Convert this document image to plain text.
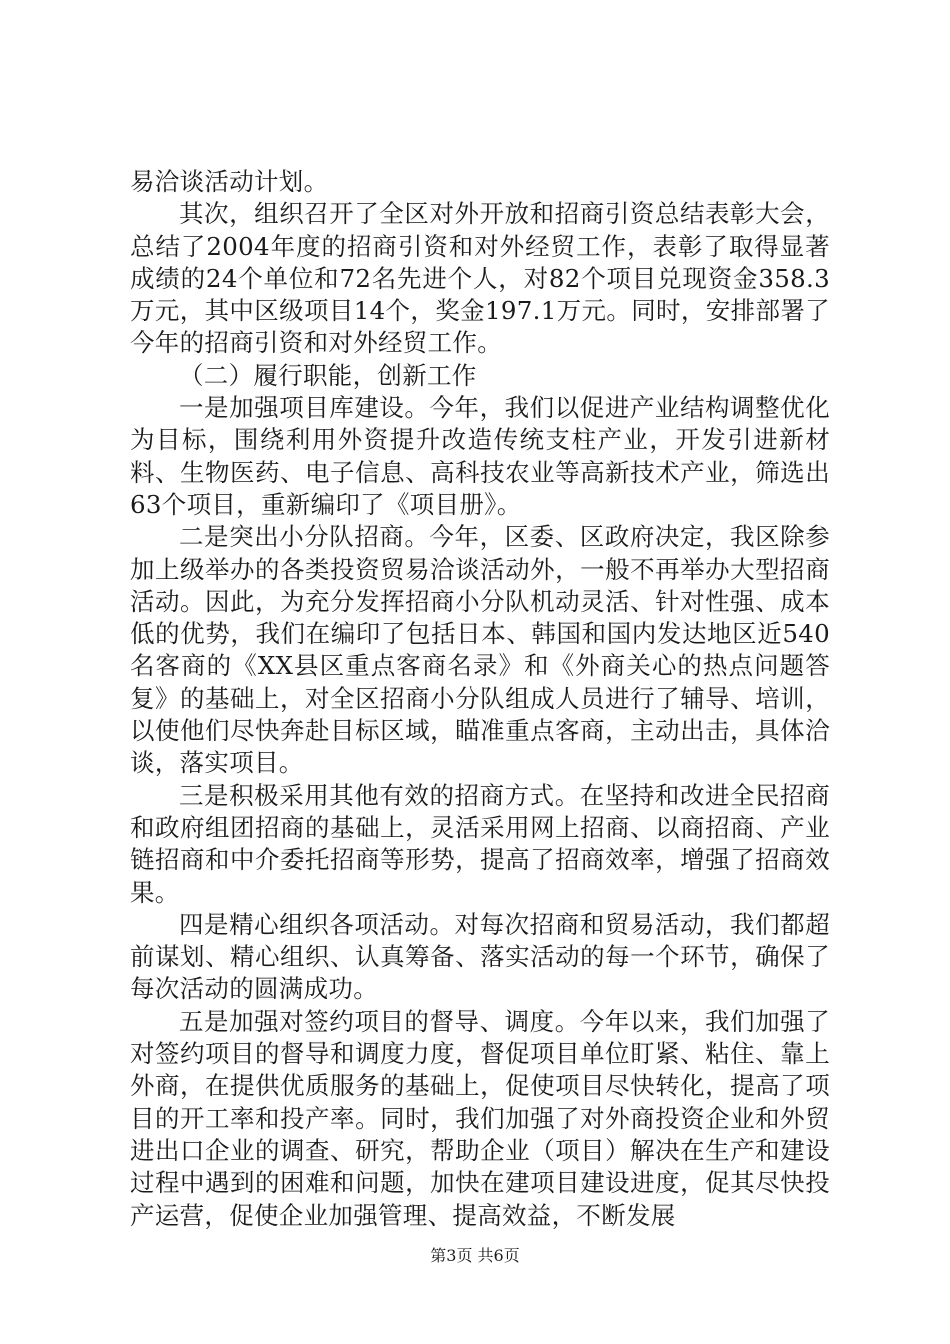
易洽谈活动计划。

其次，组织召开了全区对外开放和招商引资总结表彰大会，总结了2004年度的招商引资和对外经贸工作，表彰了取得显著成绩的24个单位和72名先进个人，对82个项目兑现资金358.3万元，其中区级项目14个，奖金197.1万元。同时，安排部署了今年的招商引资和对外经贸工作。

（二）履行职能，创新工作

一是加强项目库建设。今年，我们以促进产业结构调整优化为目标，围绕利用外资提升改造传统支柱产业，开发引进新材料、生物医药、电子信息、高科技农业等高新技术产业，筛选出63个项目，重新编印了《项目册》。

二是突出小分队招商。今年，区委、区政府决定，我区除参加上级举办的各类投资贸易洽谈活动外，一般不再举办大型招商活动。因此，为充分发挥招商小分队机动灵活、针对性强、成本低的优势，我们在编印了包括日本、韩国和国内发达地区近540名客商的《XX县区重点客商名录》和《外商关心的热点问题答复》的基础上，对全区招商小分队组成人员进行了辅导、培训，以使他们尽快奔赴目标区域，瞄准重点客商，主动出击，具体洽谈，落实项目。

三是积极采用其他有效的招商方式。在坚持和改进全民招商和政府组团招商的基础上，灵活采用网上招商、以商招商、产业链招商和中介委托招商等形势，提高了招商效率，增强了招商效果。

四是精心组织各项活动。对每次招商和贸易活动，我们都超前谋划、精心组织、认真筹备、落实活动的每一个环节，确保了每次活动的圆满成功。

五是加强对签约项目的督导、调度。今年以来，我们加强了对签约项目的督导和调度力度，督促项目单位盯紧、粘住、靠上外商，在提供优质服务的基础上，促使项目尽快转化，提高了项目的开工率和投产率。同时，我们加强了对外商投资企业和外贸进出口企业的调查、研究，帮助企业（项目）解决在生产和建设过程中遇到的困难和问题，加快在建项目建设进度，促其尽快投产运营，促使企业加强管理、提高效益，不断发展

第3页 共6页
